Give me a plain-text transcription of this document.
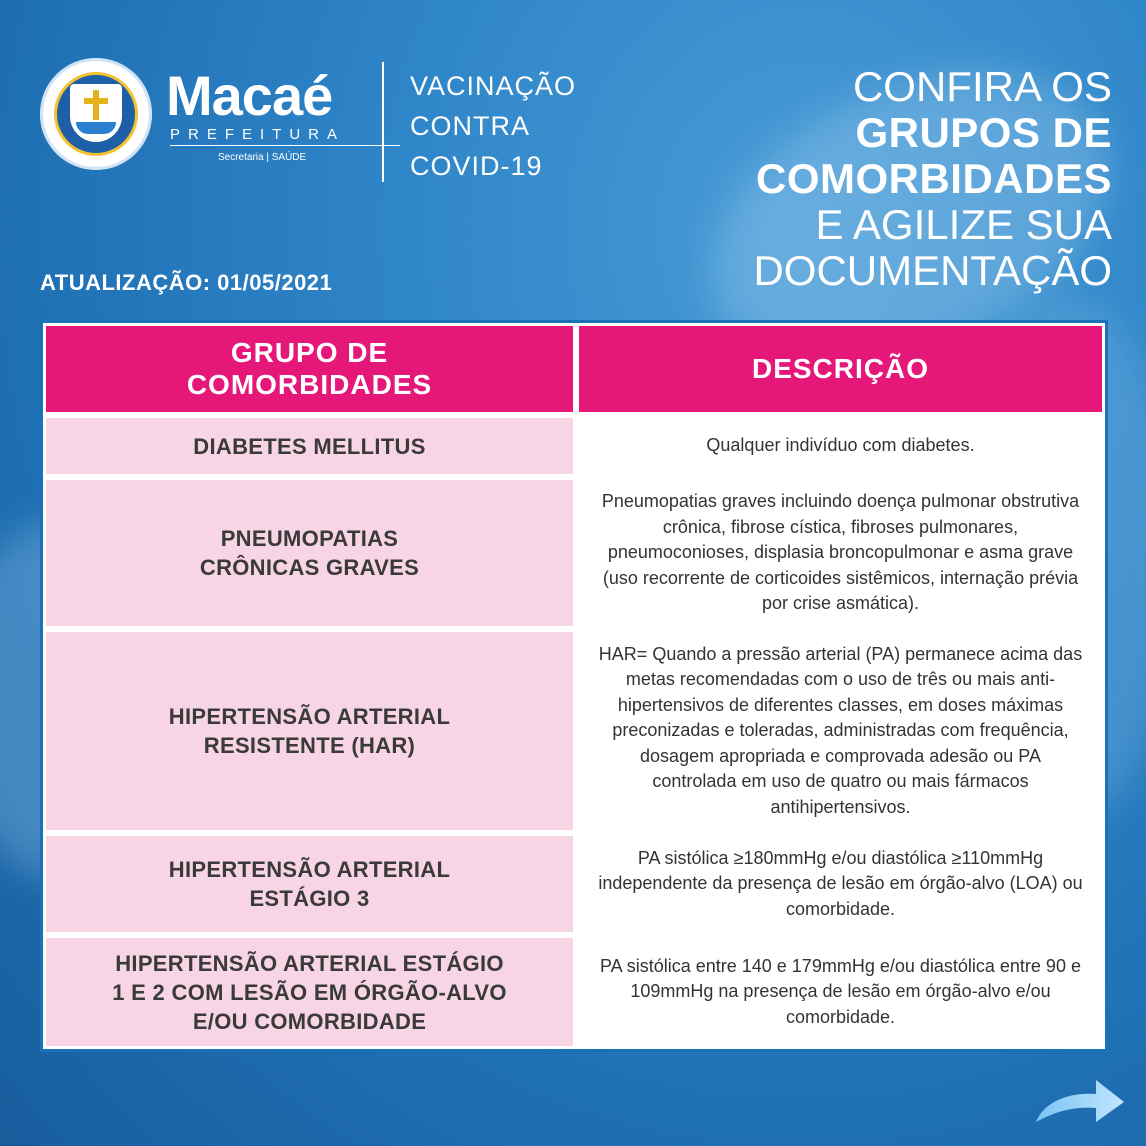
Macaé
PREFEITURA
Secretaria | SAÚDE
VACINAÇÃO
CONTRA
COVID-19
CONFIRA OS
GRUPOS DE
COMORBIDADES
E AGILIZE SUA
DOCUMENTAÇÃO
ATUALIZAÇÃO: 01/05/2021
GRUPO DE
COMORBIDADES
DESCRIÇÃO
DIABETES MELLITUS	Qualquer indivíduo com diabetes.
PNEUMOPATIAS
CRÔNICAS GRAVES
Pneumopatias graves incluindo doença pulmonar obstrutiva crônica, fibrose cística, fibroses pulmonares, pneumoconioses, displasia broncopulmonar e asma grave (uso recorrente de corticoides sistêmicos, internação prévia por crise asmática).
HIPERTENSÃO ARTERIAL
RESISTENTE (HAR)
HAR= Quando a pressão arterial (PA) permanece acima das metas recomendadas com o uso de três ou mais anti-hipertensivos de diferentes classes, em doses máximas preconizadas e toleradas, administradas com frequência, dosagem apropriada e comprovada adesão ou PA controlada em uso de quatro ou mais fármacos antihipertensivos.
HIPERTENSÃO ARTERIAL
ESTÁGIO 3
PA sistólica ≥180mmHg e/ou diastólica ≥110mmHg independente da presença de lesão em órgão-alvo (LOA) ou comorbidade.
HIPERTENSÃO ARTERIAL ESTÁGIO
1 E 2 COM LESÃO EM ÓRGÃO-ALVO
E/OU COMORBIDADE
PA sistólica entre 140 e 179mmHg e/ou diastólica entre 90 e 109mmHg na presença de lesão em órgão-alvo e/ou comorbidade.
